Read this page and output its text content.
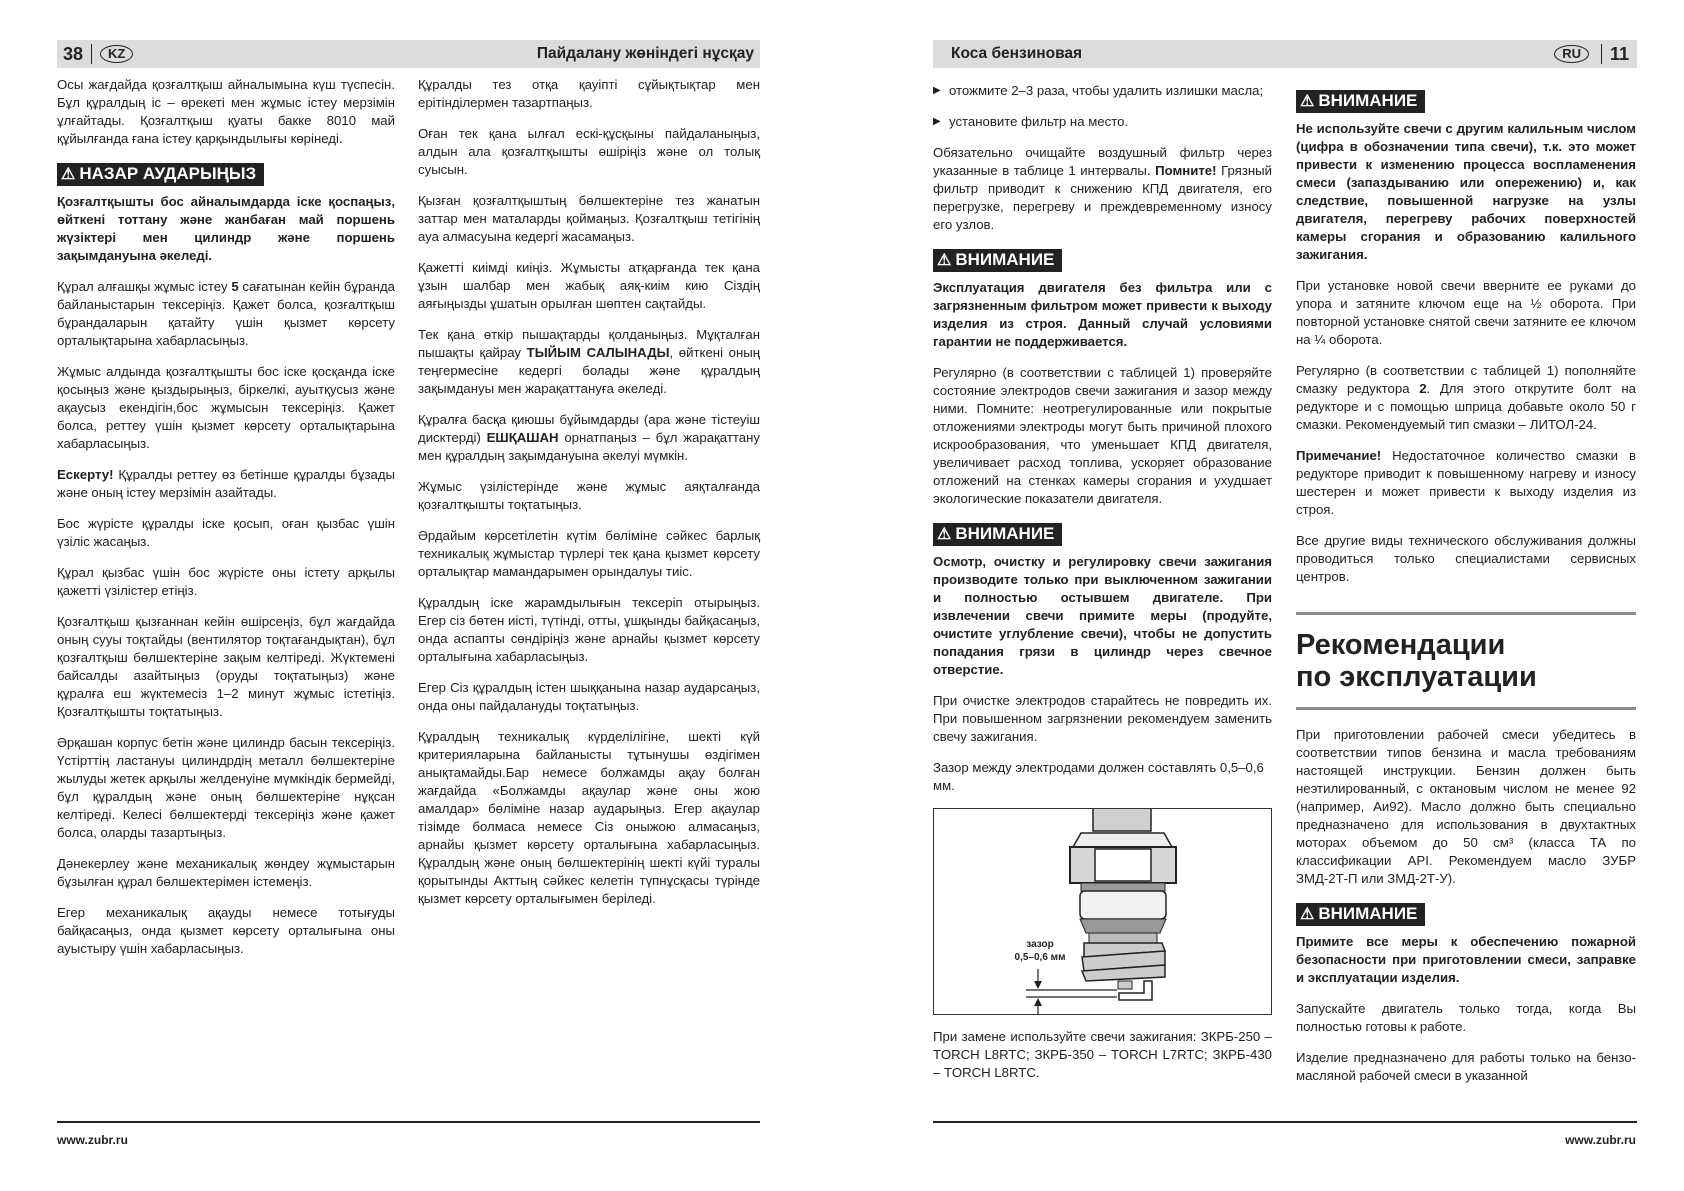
38	KZ	Пайдалану жөніндегі нұсқау

Осы жағдайда қозғалтқыш айналымына күш түспесін. Бұл құралдың іс – өрекеті мен жұмыс істеу мерзімін ұлғайтады. Қозғалтқыш қуаты бакке 8010 май құйылғанда ғана істеу қарқындылығы көрінеді.

⚠ НАЗАР АУДАРЫҢЫЗ

Қозғалтқышты бос айналымдарда іске қоспаңыз, өйткені тоттану және жанбаған май поршень жүзіктері мен цилиндр және поршень зақымдануына әкеледі.

Құрал алғашқы жұмыс істеу 5 сағатынан кейін бұранда байланыстарын тексеріңіз. Қажет болса, қозғалтқыш бұрандаларын қатайту үшін қызмет көрсету орталықтарына хабарласыңыз.

Жұмыс алдында қозғалтқышты бос іске қосқанда іске қосыңыз және қыздырыңыз, біркелкі, ауытқусыз және ақаусыз екендігін,бос жұмысын тексеріңіз. Қажет болса, реттеу үшін қызмет көрсету орталықтарына хабарласыңыз.

Ескерту! Құралды реттеу өз бетінше құралды бұзады және оның істеу мерзімін азайтады.

Бос жүрісте құралды іске қосып, оған қызбас үшін үзіліс жасаңыз.

Құрал қызбас үшін бос жүрісте оны істету арқылы қажетті үзілістер етіңіз.

Қозғалтқыш қызғаннан кейін өшірсеңіз, бұл жағдайда оның сууы тоқтайды (вентилятор тоқтағандықтан), бұл қозғалтқыш бөлшектеріне зақым келтіреді. Жүктемені байсалды азайтыңыз (оруды тоқтатыңыз) және құралға еш жүктемесіз 1–2 минут жұмыс істетіңіз. Қозғалтқышты тоқтатыңыз.

Әрқашан корпус бетін және цилиндр басын тексеріңіз. Үстірттің ластануы цилиндрдің металл бөлшектеріне жылуды жетек арқылы желденуіне мүмкіндік бермейді, бұл құралдың және оның бөлшектеріне нұқсан келтіреді. Келесі бөлшектерді тексеріңіз және қажет болса, оларды тазартыңыз.

Дәнекерлеу және механикалық жөндеу жұмыстарын бұзылған құрал бөлшектерімен істемеңіз.

Егер механикалық ақауды немесе тотығуды байқасаңыз, онда қызмет көрсету орталығына оны ауыстыру үшін хабарласыңыз.

Құралды тез отқа қауіпті сұйықтықтар мен ерітінділермен тазартпаңыз.

Оған тек қана ылғал ескі-құсқыны пайдаланыңыз, алдын ала қозғалтқышты өшіріңіз және ол толық суысын.

Қызған қозғалтқыштың бөлшектеріне тез жанатын заттар мен маталарды қоймаңыз. Қозғалтқыш тетігінің ауа алмасуына кедергі жасамаңыз.

Қажетті киімді киіңіз. Жұмысты атқарғанда тек қана ұзын шалбар мен жабық аяқ-киім кию Сіздің аяғыңызды ұшатын орылған шөптен сақтайды.

Тек қана өткір пышақтарды қолданыңыз. Мұқталған пышақты қайрау ТЫЙЫМ САЛЫНАДЫ, өйткені оның теңгермесіне кедергі болады және құралдың зақымдануы мен жарақаттануға әкеледі.

Құралға басқа қиюшы бұйымдарды (ара және тістеуіш дисктерді) ЕШҚАШАН орнатпаңыз – бұл жарақаттану мен құралдың зақымдануына әкелуі мүмкін.

Жұмыс үзілістерінде және жұмыс аяқталғанда қозғалтқышты тоқтатыңыз.

Әрдайым көрсетілетін күтім бөліміне сәйкес барлық техникалық жұмыстар түрлері тек қана қызмет көрсету орталықтар мамандарымен орындалуы тиіс.

Құралдың іске жарамдылығын тексеріп отырыңыз. Егер сіз бөтен иісті, түтінді, отты, ұшқынды байқасаңыз, онда аспапты сөндіріңіз және арнайы қызмет көрсету орталығына хабарласыңыз.

Егер Сіз құралдың істен шыққанына назар аударсаңыз, онда оны пайдалануды тоқтатыңыз.

Құралдың техникалық күрделілігіне, шекті күй критерияларына байланысты тұтынушы өздігімен анықтамайды.Бар немесе болжамды ақау болған жағдайда «Болжамды ақаулар және оны жою амалдар» бөліміне назар аударыңыз. Егер ақаулар тізімде болмаса немесе Сіз оныжою алмасаңыз, арнайы қызмет көрсету орталығына хабарласыңыз. Құралдың және оның бөлшектерінің шекті күйі туралы қорытынды Акттың сәйкес келетін түпнұсқасы түрінде қызмет көрсету орталығымен беріледі.

www.zubr.ru
Коса бензиновая	RU	11
▶ отожмите 2–3 раза, чтобы удалить излишки масла;
▶ установите фильтр на место.

Обязательно очищайте воздушный фильтр через указанные в таблице 1 интервалы. Помните! Грязный фильтр приводит к снижению КПД двигателя, его перегрузке, перегреву и преждевременному износу его узлов.

⚠ ВНИМАНИЕ

Эксплуатация двигателя без фильтра или с загрязненным фильтром может привести к выходу изделия из строя. Данный случай условиями гарантии не поддерживается.

Регулярно (в соответствии с таблицей 1) проверяйте состояние электродов свечи зажигания и зазор между ними. Помните: неотрегулированные или покрытые отложениями электроды могут быть причиной плохого искрообразования, что уменьшает КПД двигателя, увеличивает расход топлива, ускоряет образование отложений на стенках камеры сгорания и ухудшает экологические показатели двигателя.

⚠ ВНИМАНИЕ

Осмотр, очистку и регулировку свечи зажигания производите только при выключенном зажигании и полностью остывшем двигателе. При извлечении свечи примите меры (продуйте, очистите углубление свечи), чтобы не допустить попадания грязи в цилиндр через свечное отверстие.

При очистке электродов старайтесь не повредить их. При повышенном загрязнении рекомендуем заменить свечу зажигания.

Зазор между электродами должен составлять 0,5–0,6 мм.

зазор
0,5–0,6 мм

При замене используйте свечи зажигания: ЗКРБ-250 – TORCH L8RTC; ЗКРБ-350 – TORCH L7RTC; ЗКРБ-430 – TORCH L8RTC.

⚠ ВНИМАНИЕ

Не используйте свечи с другим калильным числом (цифра в обозначении типа свечи), т.к. это может привести к изменению процесса воспламенения смеси (запаздыванию или опережению) и, как следствие, повышенной нагрузке на узлы двигателя, перегреву рабочих поверхностей камеры сгорания и образованию калильного зажигания.

При установке новой свечи вверните ее руками до упора и затяните ключом еще на ½ оборота. При повторной установке снятой свечи затяните ее ключом на ¼ оборота.

Регулярно (в соответствии с таблицей 1) пополняйте смазку редуктора 2. Для этого открутите болт на редукторе и с помощью шприца добавьте около 50 г смазки. Рекомендуемый тип смазки – ЛИТОЛ-24.

Примечание! Недостаточное количество смазки в редукторе приводит к повышенному нагреву и износу шестерен и может привести к выходу изделия из строя.

Все другие виды технического обслуживания должны проводиться только специалистами сервисных центров.

Рекомендации
по эксплуатации

При приготовлении рабочей смеси убедитесь в соответствии типов бензина и масла требованиям настоящей инструкции. Бензин должен быть неэтилированный, с октановым числом не менее 92 (например, Аи92). Масло должно быть специально предназначено для использования в двухтактных моторах объемом до 50 см³ (класса ТА по классификации API. Рекомендуем масло ЗУБР ЗМД-2Т-П или ЗМД-2Т-У).

⚠ ВНИМАНИЕ

Примите все меры к обеспечению пожарной безопасности при приготовлении смеси, заправке и эксплуатации изделия.

Запускайте двигатель только тогда, когда Вы полностью готовы к работе.

Изделие предназначено для работы только на бензо-масляной рабочей смеси в указанной

www.zubr.ru
